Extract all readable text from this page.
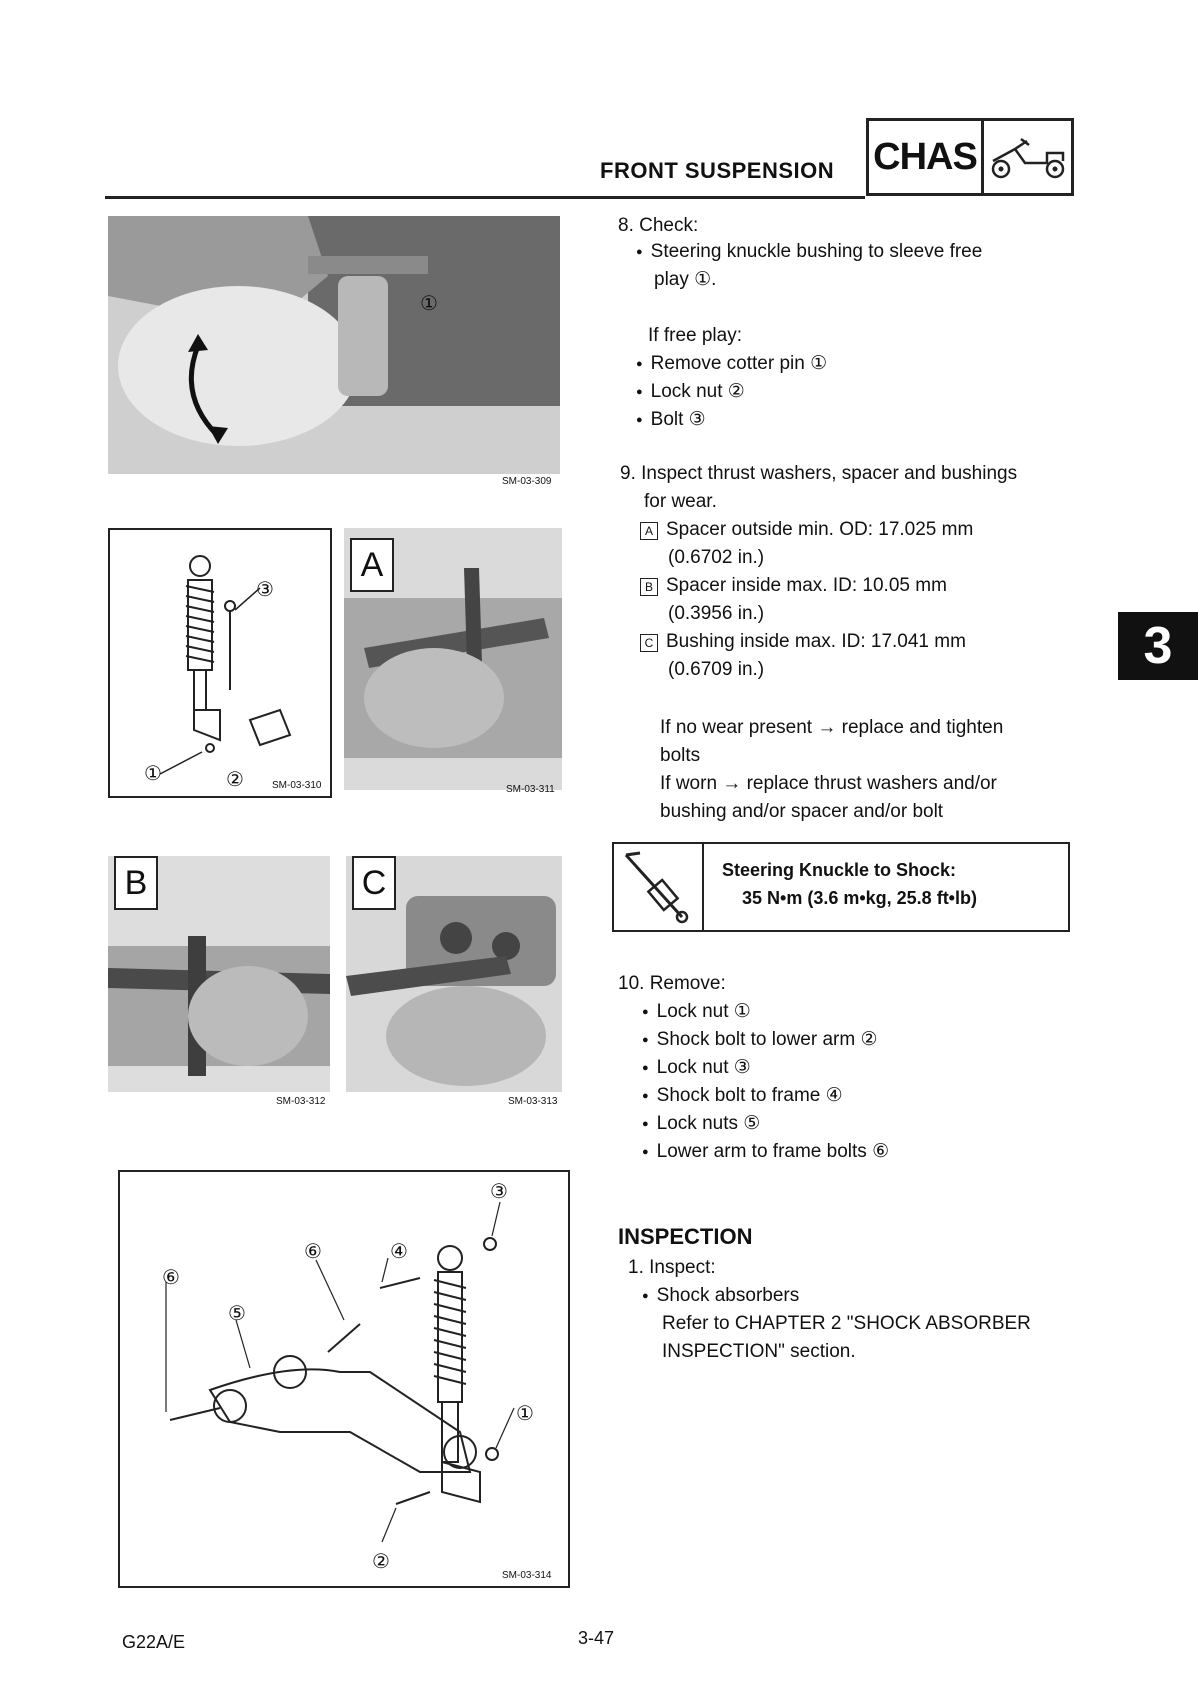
FRONT SUSPENSION CHAS
3
①
SM-03-309
③
①	②	SM-03-310
A
SM-03-311
B
SM-03-312
C
SM-03-313
③
⑥	④
⑥
⑤
①
②
SM-03-314
8. Check:
● Steering knuckle bushing to sleeve free
play ①.
If free play:
● Remove cotter pin ①
● Lock nut ②
● Bolt ③
9. Inspect thrust washers, spacer and bushings
for wear.
A Spacer outside min. OD: 17.025 mm
(0.6702 in.)
B Spacer inside max. ID: 10.05 mm
(0.3956 in.)
C Bushing inside max. ID: 17.041 mm
(0.6709 in.)
If no wear present → replace and tighten
bolts
If worn → replace thrust washers and/or
bushing and/or spacer and/or bolt
Steering Knuckle to Shock:
35 N•m (3.6 m•kg, 25.8 ft•lb)
10. Remove:
● Lock nut ①
● Shock bolt to lower arm ②
● Lock nut ③
● Shock bolt to frame ④
● Lock nuts ⑤
● Lower arm to frame bolts ⑥
INSPECTION
1. Inspect:
● Shock absorbers
Refer to CHAPTER 2 "SHOCK ABSORBER
INSPECTION" section.
G22A/E	3-47
